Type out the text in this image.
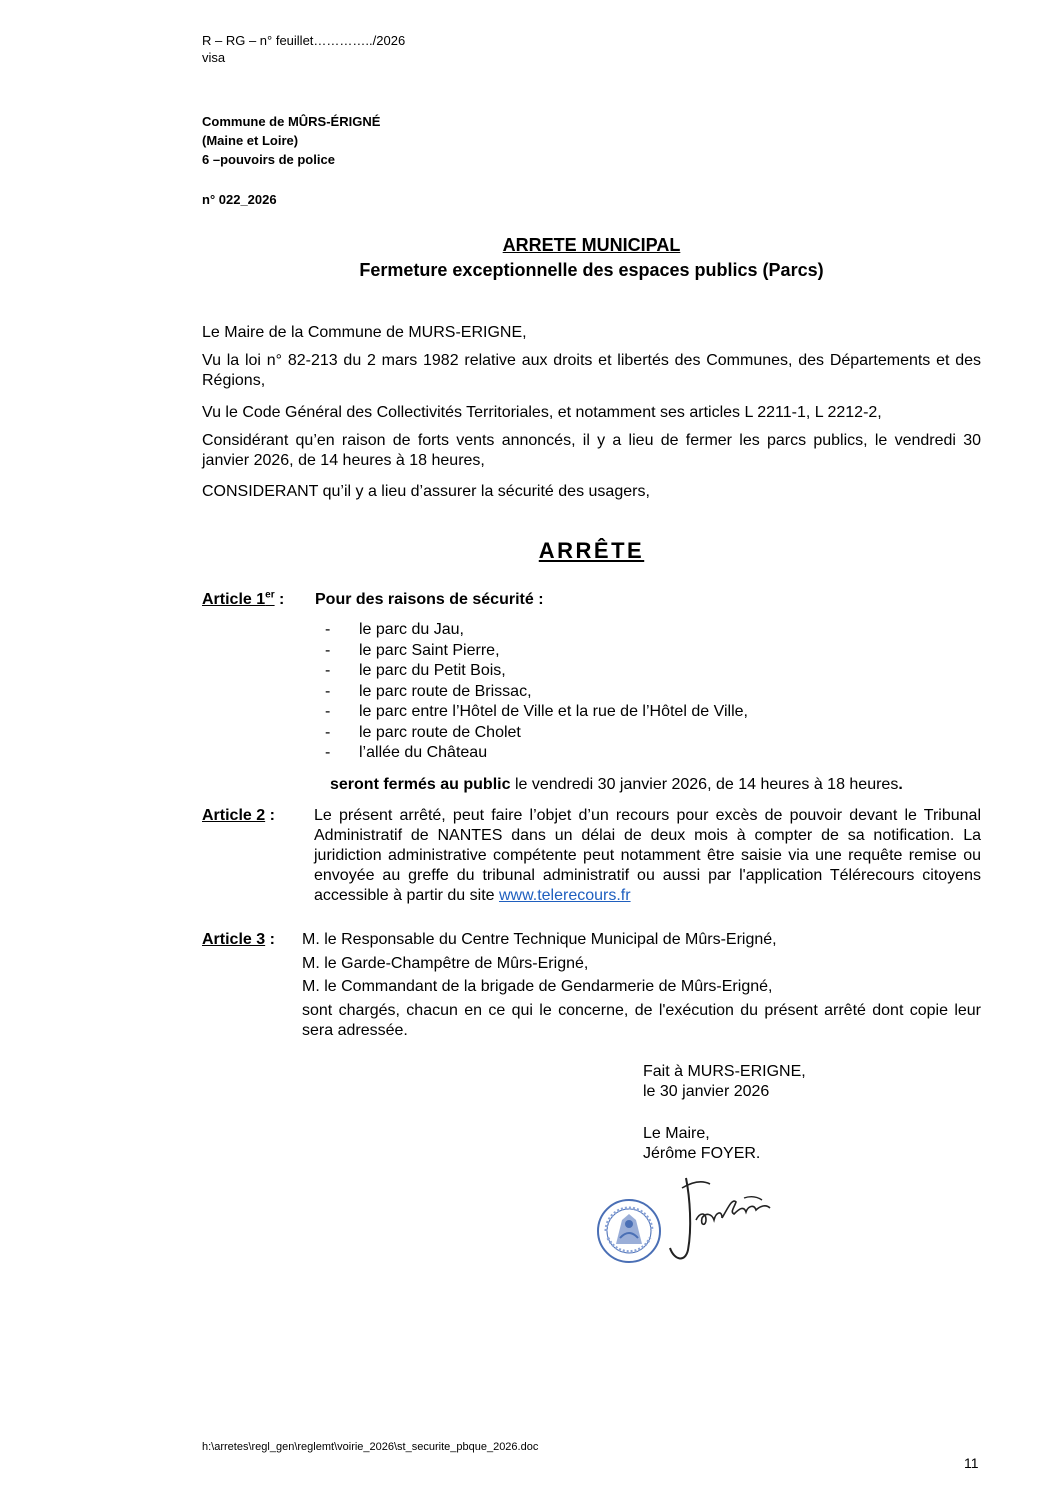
R – RG – n° feuillet…………../2026
visa
Commune de MÛRS-ÉRIGNÉ
(Maine et Loire)
6 –pouvoirs de police
n° 022_2026
ARRETE MUNICIPAL
Fermeture exceptionnelle des espaces publics (Parcs)
Le Maire de la Commune de MURS-ERIGNE,
Vu la loi n° 82-213 du 2 mars 1982 relative aux droits et libertés des Communes, des Départements et des Régions,
Vu le Code Général des Collectivités Territoriales, et notamment ses articles L 2211-1, L 2212-2,
Considérant qu’en raison de forts vents annoncés, il y a lieu de fermer les parcs publics, le vendredi 30 janvier 2026, de 14 heures à 18 heures,
CONSIDERANT qu’il y a lieu d’assurer la sécurité des usagers,
ARRÊTE
Article 1er : Pour des raisons de sécurité :
- le parc du Jau,
- le parc Saint Pierre,
- le parc du Petit Bois,
- le parc route de Brissac,
- le parc entre l’Hôtel de Ville et la rue de l’Hôtel de Ville,
- le parc route de Cholet
- l’allée du Château
seront fermés au public le vendredi 30 janvier 2026, de 14 heures à 18 heures.
Article 2 : Le présent arrêté, peut faire l’objet d’un recours pour excès de pouvoir devant le Tribunal Administratif de NANTES dans un délai de deux mois à compter de sa notification. La juridiction administrative compétente peut notamment être saisie via une requête remise ou envoyée au greffe du tribunal administratif ou aussi par l'application Télérecours citoyens accessible à partir du site www.telerecours.fr
Article 3 : M. le Responsable du Centre Technique Municipal de Mûrs-Erigné,
M. le Garde-Champêtre de Mûrs-Erigné,
M. le Commandant de la brigade de Gendarmerie de Mûrs-Erigné,
sont chargés, chacun en ce qui le concerne, de l'exécution du présent arrêté dont copie leur sera adressée.
Fait à MURS-ERIGNE,
le 30 janvier 2026
Le Maire,
Jérôme FOYER.
h:\arretes\regl_gen\reglemt\voirie_2026\st_securite_pbque_2026.doc
11
